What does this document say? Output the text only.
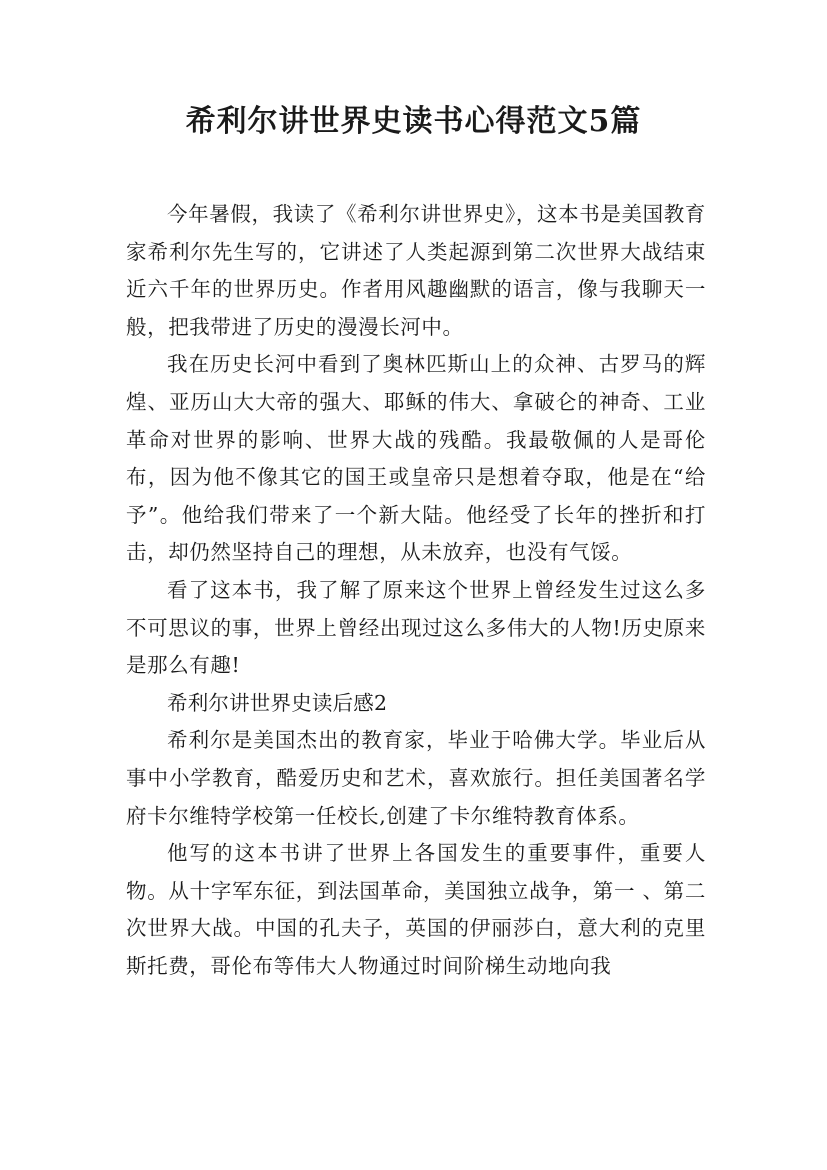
希利尔讲世界史读书心得范文5篇

今年暑假，我读了《希利尔讲世界史》，这本书是美国教育家希利尔先生写的，它讲述了人类起源到第二次世界大战结束近六千年的世界历史。作者用风趣幽默的语言，像与我聊天一般，把我带进了历史的漫漫长河中。

我在历史长河中看到了奥林匹斯山上的众神、古罗马的辉煌、亚历山大大帝的强大、耶稣的伟大、拿破仑的神奇、工业革命对世界的影响、世界大战的残酷。我最敬佩的人是哥伦布，因为他不像其它的国王或皇帝只是想着夺取，他是在“给予”。他给我们带来了一个新大陆。他经受了长年的挫折和打击，却仍然坚持自己的理想，从未放弃，也没有气馁。

看了这本书，我了解了原来这个世界上曾经发生过这么多不可思议的事，世界上曾经出现过这么多伟大的人物!历史原来是那么有趣!

希利尔讲世界史读后感2

希利尔是美国杰出的教育家，毕业于哈佛大学。毕业后从事中小学教育，酷爱历史和艺术，喜欢旅行。担任美国著名学府卡尔维特学校第一任校长,创建了卡尔维特教育体系。

他写的这本书讲了世界上各国发生的重要事件，重要人物。从十字军东征，到法国革命，美国独立战争，第一 、第二次世界大战。中国的孔夫子，英国的伊丽莎白，意大利的克里斯托费，哥伦布等伟大人物通过时间阶梯生动地向我
